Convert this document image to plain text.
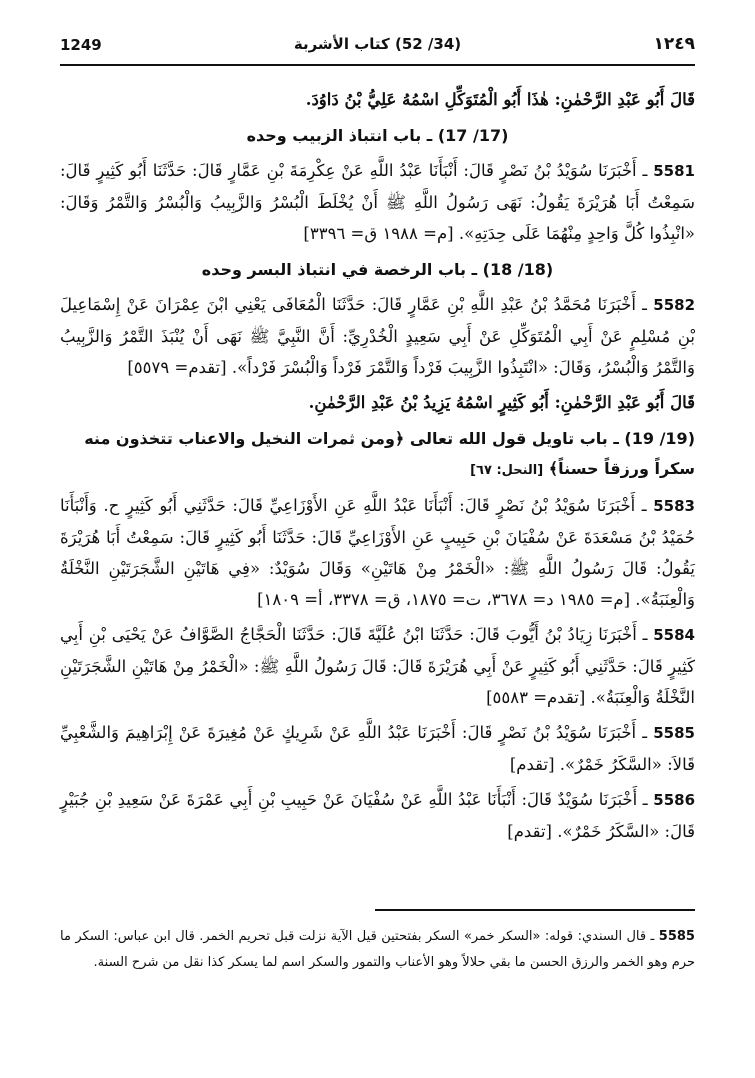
1249	(34/ 52) كتاب الأشربة	١٢٤٩

قَالَ أَبُو عَبْدِ الرَّحْمٰنِ: هٰذَا أَبُو الْمُتَوَكِّلِ اسْمُهُ عَلِيُّ بْنُ دَاوُدَ.

(17/ 17) ـ باب انتباذ الزبيب وحده

5581 ـ أَخْبَرَنَا سُوَيْدُ بْنُ نَصْرٍ قَالَ: أَنْبَأَنَا عَبْدُ اللَّهِ عَنْ عِكْرِمَةَ بْنِ عَمَّارٍ قَالَ: حَدَّثَنَا أَبُو كَثِيرٍ قَالَ: سَمِعْتُ أَبَا هُرَيْرَةَ يَقُولُ: نَهَى رَسُولُ اللَّهِ ﷺ أَنْ يُخْلَطَ الْبُسْرُ وَالزَّبِيبُ وَالْبُسْرُ وَالتَّمْرُ وَقَالَ: «انْبِذُوا كُلَّ وَاحِدٍ مِنْهُمَا عَلَى حِدَتِهِ». [م= ١٩٨٨ ق= ٣٣٩٦]

(18/ 18) ـ باب الرخصة في انتباذ البسر وحده

5582 ـ أَخْبَرَنَا مُحَمَّدُ بْنُ عَبْدِ اللَّهِ بْنِ عَمَّارٍ قَالَ: حَدَّثَنَا الْمُعَافَى يَعْنِي ابْنَ عِمْرَانَ عَنْ إِسْمَاعِيلَ بْنِ مُسْلِمٍ عَنْ أَبِي الْمُتَوَكِّلِ عَنْ أَبِي سَعِيدٍ الْخُدْرِيِّ: أَنَّ النَّبِيَّ ﷺ نَهَى أَنْ يُنْبَذَ التَّمْرُ وَالزَّبِيبُ وَالتَّمْرُ وَالْبُسْرُ، وَقَالَ: «انْتَبِذُوا الزَّبِيبَ فَرْداً وَالتَّمْرَ فَرْداً وَالْبُسْرَ فَرْداً». [تقدم= ٥٥٧٩]

قَالَ أَبُو عَبْدِ الرَّحْمٰنِ: أَبُو كَثِيرٍ اسْمُهُ يَزِيدُ بْنُ عَبْدِ الرَّحْمٰنِ.

(19/ 19) ـ باب تاويل قول الله تعالى ﴿ومن ثمرات النخيل والاعناب تتخذون منه سكراً ورزقاً حسناً﴾ [النحل: ٦٧]

5583 ـ أَخْبَرَنَا سُوَيْدُ بْنُ نَصْرٍ قَالَ: أَنْبَأَنَا عَبْدُ اللَّهِ عَنِ الأَوْزَاعِيِّ قَالَ: حَدَّثَنِي أَبُو كَثِيرٍ ح. وَأَنْبَأَنَا حُمَيْدُ بْنُ مَسْعَدَةَ عَنْ سُفْيَانَ بْنِ حَبِيبٍ عَنِ الأَوْزَاعِيِّ قَالَ: حَدَّثَنَا أَبُو كَثِيرٍ قَالَ: سَمِعْتُ أَبَا هُرَيْرَةَ يَقُولُ: قَالَ رَسُولُ اللَّهِ ﷺ: «الْخَمْرُ مِنْ هَاتَيْنِ» وَقَالَ سُوَيْدٌ: «فِي هَاتَيْنِ الشَّجَرَتَيْنِ النَّخْلَةُ وَالْعِنَبَةُ». [م= ١٩٨٥ د= ٣٦٧٨، ت= ١٨٧٥، ق= ٣٣٧٨، أ= ١٨٠٩]

5584 ـ أَخْبَرَنَا زِيَادُ بْنُ أَيُّوبَ قَالَ: حَدَّثَنَا ابْنُ عُلَيَّةَ قَالَ: حَدَّثَنَا الْحَجَّاجُ الصَّوَّافُ عَنْ يَحْيَى بْنِ أَبِي كَثِيرٍ قَالَ: حَدَّثَنِي أَبُو كَثِيرٍ عَنْ أَبِي هُرَيْرَةَ قَالَ: قَالَ رَسُولُ اللَّهِ ﷺ: «الْخَمْرُ مِنْ هَاتَيْنِ الشَّجَرَتَيْنِ النَّخْلَةُ وَالْعِنَبَةُ». [تقدم= ٥٥٨٣]

5585 ـ أَخْبَرَنَا سُوَيْدُ بْنُ نَصْرٍ قَالَ: أَخْبَرَنَا عَبْدُ اللَّهِ عَنْ شَرِيكٍ عَنْ مُغِيرَةَ عَنْ إِبْرَاهِيمَ وَالشَّعْبِيِّ قَالاَ: «السَّكَرُ خَمْرٌ». [تقدم]

5586 ـ أَخْبَرَنَا سُوَيْدٌ قَالَ: أَنْبَأَنَا عَبْدُ اللَّهِ عَنْ سُفْيَانَ عَنْ حَبِيبِ بْنِ أَبِي عَمْرَةَ عَنْ سَعِيدِ بْنِ جُبَيْرٍ قَالَ: «السَّكَرُ خَمْرٌ». [تقدم]

5585 ـ قال السندي: قوله: «السكر خمر» السكر بفتحتين قيل الآية نزلت قبل تحريم الخمر. قال ابن عباس: السكر ما حرم وهو الخمر والرزق الحسن ما بقي حلالاً وهو الأعناب والتمور والسكر اسم لما يسكر كذا نقل من شرح السنة.
